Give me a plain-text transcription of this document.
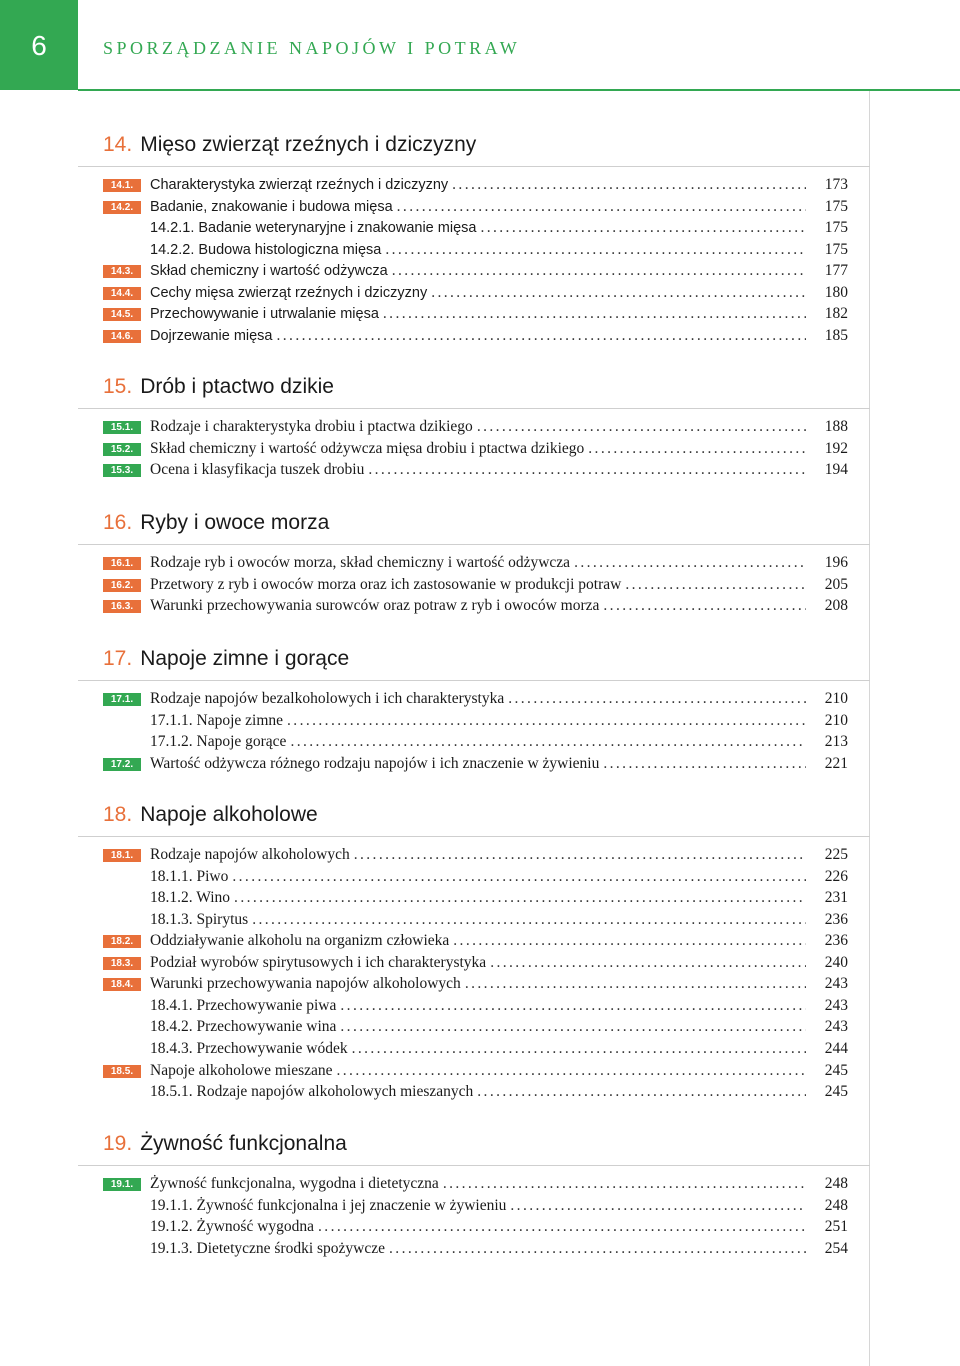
6	SPORZĄDZANIE NAPOJÓW I POTRAW
14. Mięso zwierząt rzeźnych i dziczyzny
14.1.	Charakterystyka zwierząt rzeźnych i dziczyzny .....	173
14.2.	Badanie, znakowanie i budowa mięsa .....	175
14.2.1. Badanie weterynaryjne i znakowanie mięsa .....	175
14.2.2. Budowa histologiczna mięsa .....	175
14.3.	Skład chemiczny i wartość odżywcza .....	177
14.4.	Cechy mięsa zwierząt rzeźnych i dziczyzny .....	180
14.5.	Przechowywanie i utrwalanie mięsa .....	182
14.6.	Dojrzewanie mięsa .....	185
15. Drób i ptactwo dzikie
15.1.	Rodzaje i charakterystyka drobiu i ptactwa dzikiego .....	188
15.2.	Skład chemiczny i wartość odżywcza mięsa drobiu i ptactwa dzikiego .....	192
15.3.	Ocena i klasyfikacja tuszek drobiu .....	194
16. Ryby i owoce morza
16.1.	Rodzaje ryb i owoców morza, skład chemiczny i wartość odżywcza .....	196
16.2.	Przetwory z ryb i owoców morza oraz ich zastosowanie w produkcji potraw .....	205
16.3.	Warunki przechowywania surowców oraz potraw z ryb i owoców morza .....	208
17. Napoje zimne i gorące
17.1.	Rodzaje napojów bezalkoholowych i ich charakterystyka .....	210
17.1.1. Napoje zimne .....	210
17.1.2. Napoje gorące .....	213
17.2.	Wartość odżywcza różnego rodzaju napojów i ich znaczenie w żywieniu .....	221
18. Napoje alkoholowe
18.1.	Rodzaje napojów alkoholowych .....	225
18.1.1. Piwo .....	226
18.1.2. Wino .....	231
18.1.3. Spirytus .....	236
18.2.	Oddziaływanie alkoholu na organizm człowieka .....	236
18.3.	Podział wyrobów spirytusowych i ich charakterystyka .....	240
18.4.	Warunki przechowywania napojów alkoholowych .....	243
18.4.1. Przechowywanie piwa .....	243
18.4.2. Przechowywanie wina .....	243
18.4.3. Przechowywanie wódek .....	244
18.5.	Napoje alkoholowe mieszane .....	245
18.5.1. Rodzaje napojów alkoholowych mieszanych .....	245
19. Żywność funkcjonalna
19.1.	Żywność funkcjonalna, wygodna i dietetyczna .....	248
19.1.1. Żywność funkcjonalna i jej znaczenie w żywieniu .....	248
19.1.2. Żywność wygodna .....	251
19.1.3. Dietetyczne środki spożywcze .....	254
